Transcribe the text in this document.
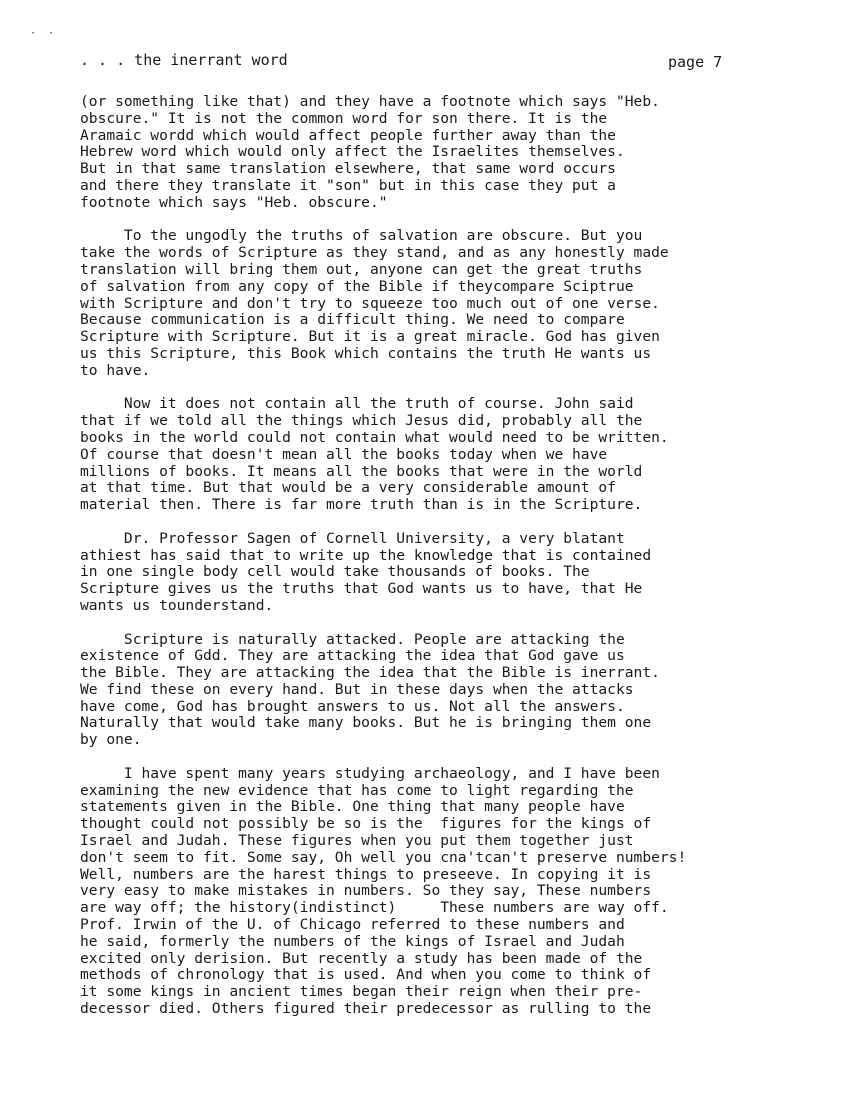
·  ·
. . . the inerrant word	page 7
(or something like that) and they have a footnote which says "Heb.
obscure." It is not the common word for son there. It is the
Aramaic wordd which would affect people further away than the
Hebrew word which would only affect the Israelites themselves.
But in that same translation elsewhere, that same word occurs
and there they translate it "son" but in this case they put a
footnote which says "Heb. obscure."
To the ungodly the truths of salvation are obscure. But you
take the words of Scripture as they stand, and as any honestly made
translation will bring them out, anyone can get the great truths
of salvation from any copy of the Bible if theycompare Sciptrue
with Scripture and don't try to squeeze too much out of one verse.
Because communication is a difficult thing. We need to compare
Scripture with Scripture. But it is a great miracle. God has given
us this Scripture, this Book which contains the truth He wants us
to have.
Now it does not contain all the truth of course. John said
that if we told all the things which Jesus did, probably all the
books in the world could not contain what would need to be written.
Of course that doesn't mean all the books today when we have
millions of books. It means all the books that were in the world
at that time. But that would be a very considerable amount of
material then. There is far more truth than is in the Scripture.
Dr. Professor Sagen of Cornell University, a very blatant
athiest has said that to write up the knowledge that is contained
in one single body cell would take thousands of books. The
Scripture gives us the truths that God wants us to have, that He
wants us tounderstand.
Scripture is naturally attacked. People are attacking the
existence of Gdd. They are attacking the idea that God gave us
the Bible. They are attacking the idea that the Bible is inerrant.
We find these on every hand. But in these days when the attacks
have come, God has brought answers to us. Not all the answers.
Naturally that would take many books. But he is bringing them one
by one.
I have spent many years studying archaeology, and I have been
examining the new evidence that has come to light regarding the
statements given in the Bible. One thing that many people have
thought could not possibly be so is the  figures for the kings of
Israel and Judah. These figures when you put them together just
don't seem to fit. Some say, Oh well you cna'tcan't preserve numbers!
Well, numbers are the harest things to preseeve. In copying it is
very easy to make mistakes in numbers. So they say, These numbers
are way off; the history(indistinct)     These numbers are way off.
Prof. Irwin of the U. of Chicago referred to these numbers and
he said, formerly the numbers of the kings of Israel and Judah
excited only derision. But recently a study has been made of the
methods of chronology that is used. And when you come to think of
it some kings in ancient times began their reign when their pre-
decessor died. Others figured their predecessor as rulling to the
